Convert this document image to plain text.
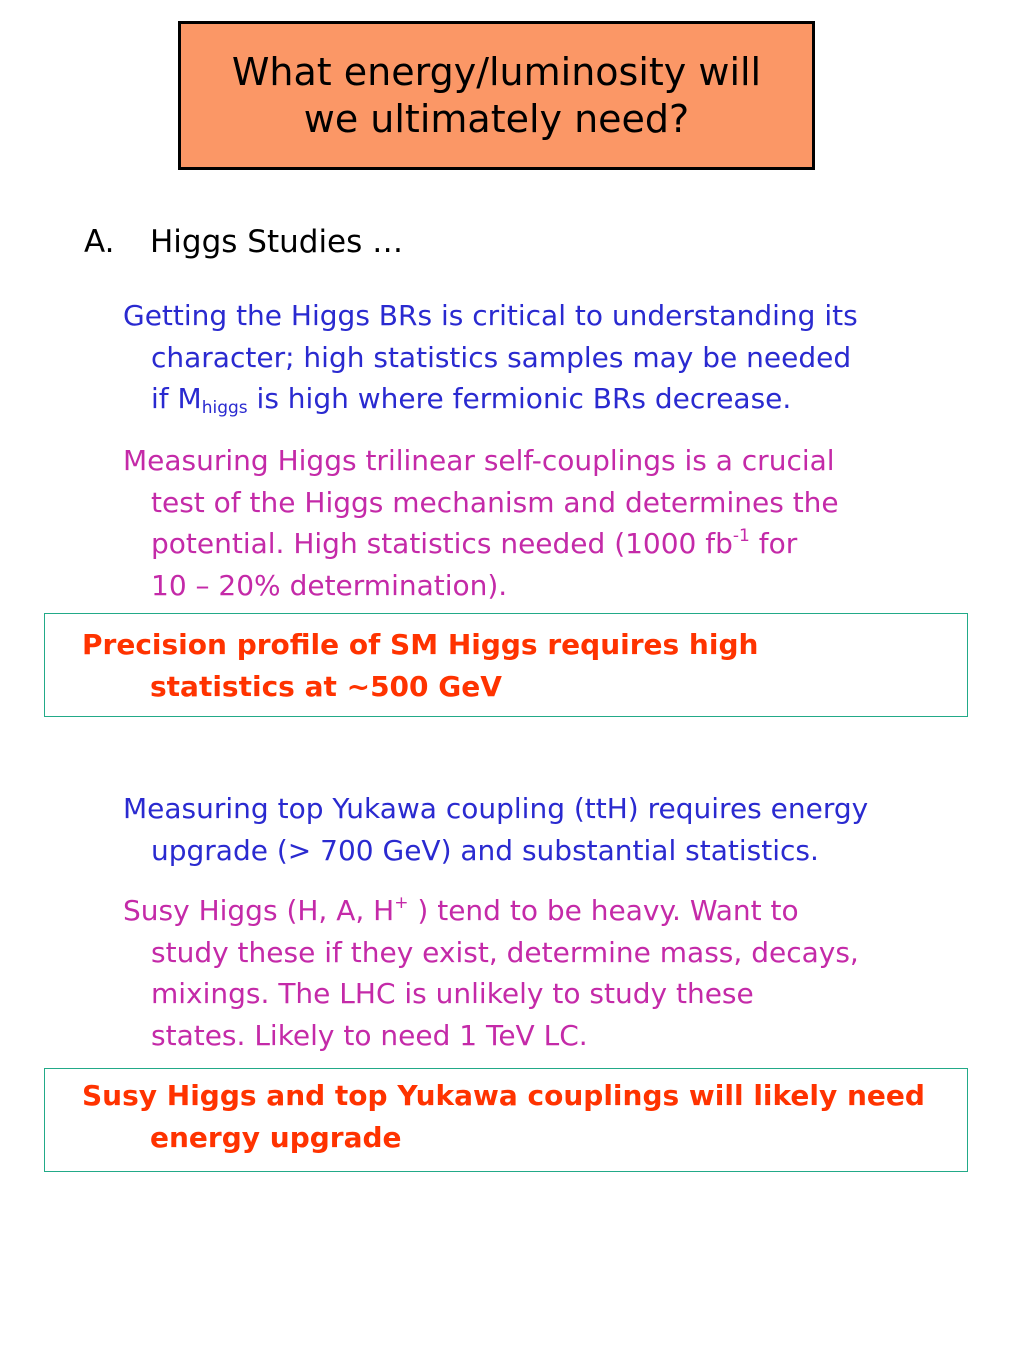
What energy/luminosity will
we ultimately need?
A. Higgs Studies …
Getting the Higgs BRs is critical to understanding its
character; high statistics samples may be needed
if $M_{higgs}$ is high where fermionic BRs decrease.
Measuring Higgs trilinear self-couplings is a crucial
test of the Higgs mechanism and determines the
potential. High statistics needed (1000 $fb^{-1}$ for
10 – 20% determination).
Precision profile of SM Higgs requires high
statistics at ~500 GeV
Measuring top Yukawa coupling (ttH) requires energy
upgrade (> 700 GeV) and substantial statistics.
Susy Higgs (H, A, H+ ) tend to be heavy. Want to
study these if they exist, determine mass, decays,
mixings. The LHC is unlikely to study these
states. Likely to need 1 TeV LC.
Susy Higgs and top Yukawa couplings will likely need
energy upgrade
